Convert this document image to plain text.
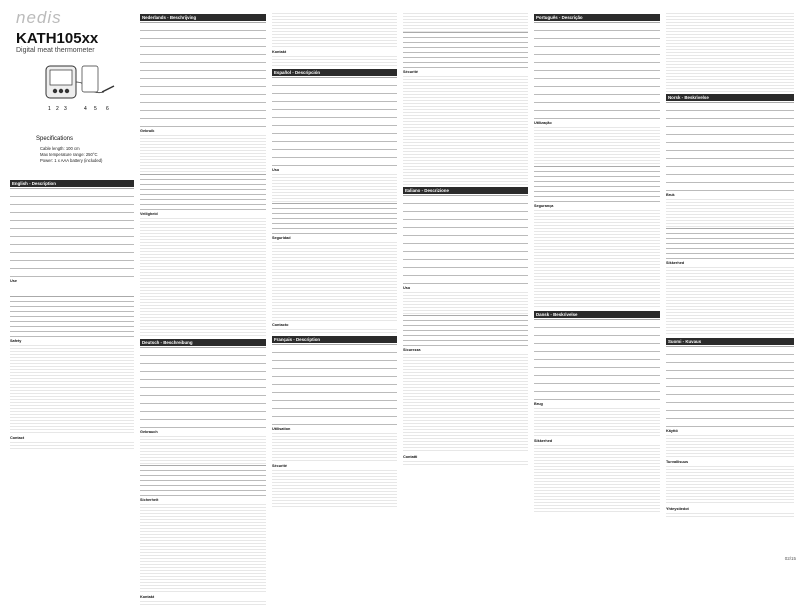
nedis
KATH105xx
Digital meat thermometer
1 2 3	4 5 6
Specifications
Cable length: 100 cm
Max temperature range: 250°C
Power: 1 x AAA battery (included)
English - Description
Use

Safety
Contact
Nederlands - Beschrijving
Gebruik
Veiligheid
Deutsch - Beschreibung
Gebrauch
Sicherheit
Kontakt
Kontakt
Español - Descripción
Uso
Seguridad
Contacto
Français - Description
Utilisation
Sécurité
Sécurité
Italiano - Descrizione
Uso
Sicurezza
Contatti
Português - Descrição
Utilização
Segurança
Dansk - Beskrivelse
Brug
Sikkerhed
Norsk - Beskrivelse
Bruk
Sikkerhed
Suomi - Kuvaus
Käyttö
Turvallisuus
Yhteystiedot
02/15
